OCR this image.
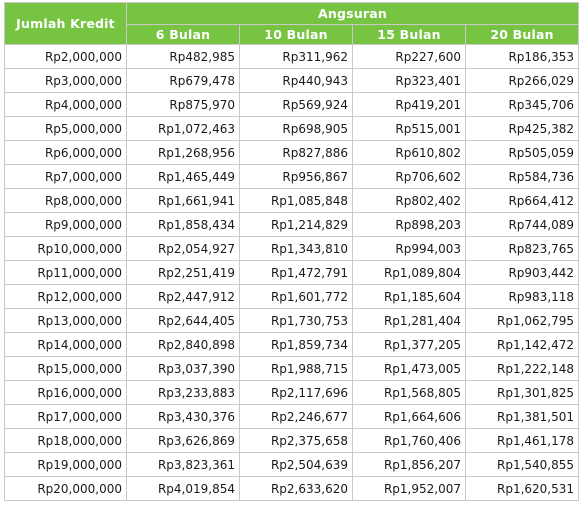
Jumlah Kredit	Angsuran			
	6 Bulan	10 Bulan	15 Bulan	20 Bulan
Rp2,000,000	Rp482,985	Rp311,962	Rp227,600	Rp186,353
Rp3,000,000	Rp679,478	Rp440,943	Rp323,401	Rp266,029
Rp4,000,000	Rp875,970	Rp569,924	Rp419,201	Rp345,706
Rp5,000,000	Rp1,072,463	Rp698,905	Rp515,001	Rp425,382
Rp6,000,000	Rp1,268,956	Rp827,886	Rp610,802	Rp505,059
Rp7,000,000	Rp1,465,449	Rp956,867	Rp706,602	Rp584,736
Rp8,000,000	Rp1,661,941	Rp1,085,848	Rp802,402	Rp664,412
Rp9,000,000	Rp1,858,434	Rp1,214,829	Rp898,203	Rp744,089
Rp10,000,000	Rp2,054,927	Rp1,343,810	Rp994,003	Rp823,765
Rp11,000,000	Rp2,251,419	Rp1,472,791	Rp1,089,804	Rp903,442
Rp12,000,000	Rp2,447,912	Rp1,601,772	Rp1,185,604	Rp983,118
Rp13,000,000	Rp2,644,405	Rp1,730,753	Rp1,281,404	Rp1,062,795
Rp14,000,000	Rp2,840,898	Rp1,859,734	Rp1,377,205	Rp1,142,472
Rp15,000,000	Rp3,037,390	Rp1,988,715	Rp1,473,005	Rp1,222,148
Rp16,000,000	Rp3,233,883	Rp2,117,696	Rp1,568,805	Rp1,301,825
Rp17,000,000	Rp3,430,376	Rp2,246,677	Rp1,664,606	Rp1,381,501
Rp18,000,000	Rp3,626,869	Rp2,375,658	Rp1,760,406	Rp1,461,178
Rp19,000,000	Rp3,823,361	Rp2,504,639	Rp1,856,207	Rp1,540,855
Rp20,000,000	Rp4,019,854	Rp2,633,620	Rp1,952,007	Rp1,620,531
